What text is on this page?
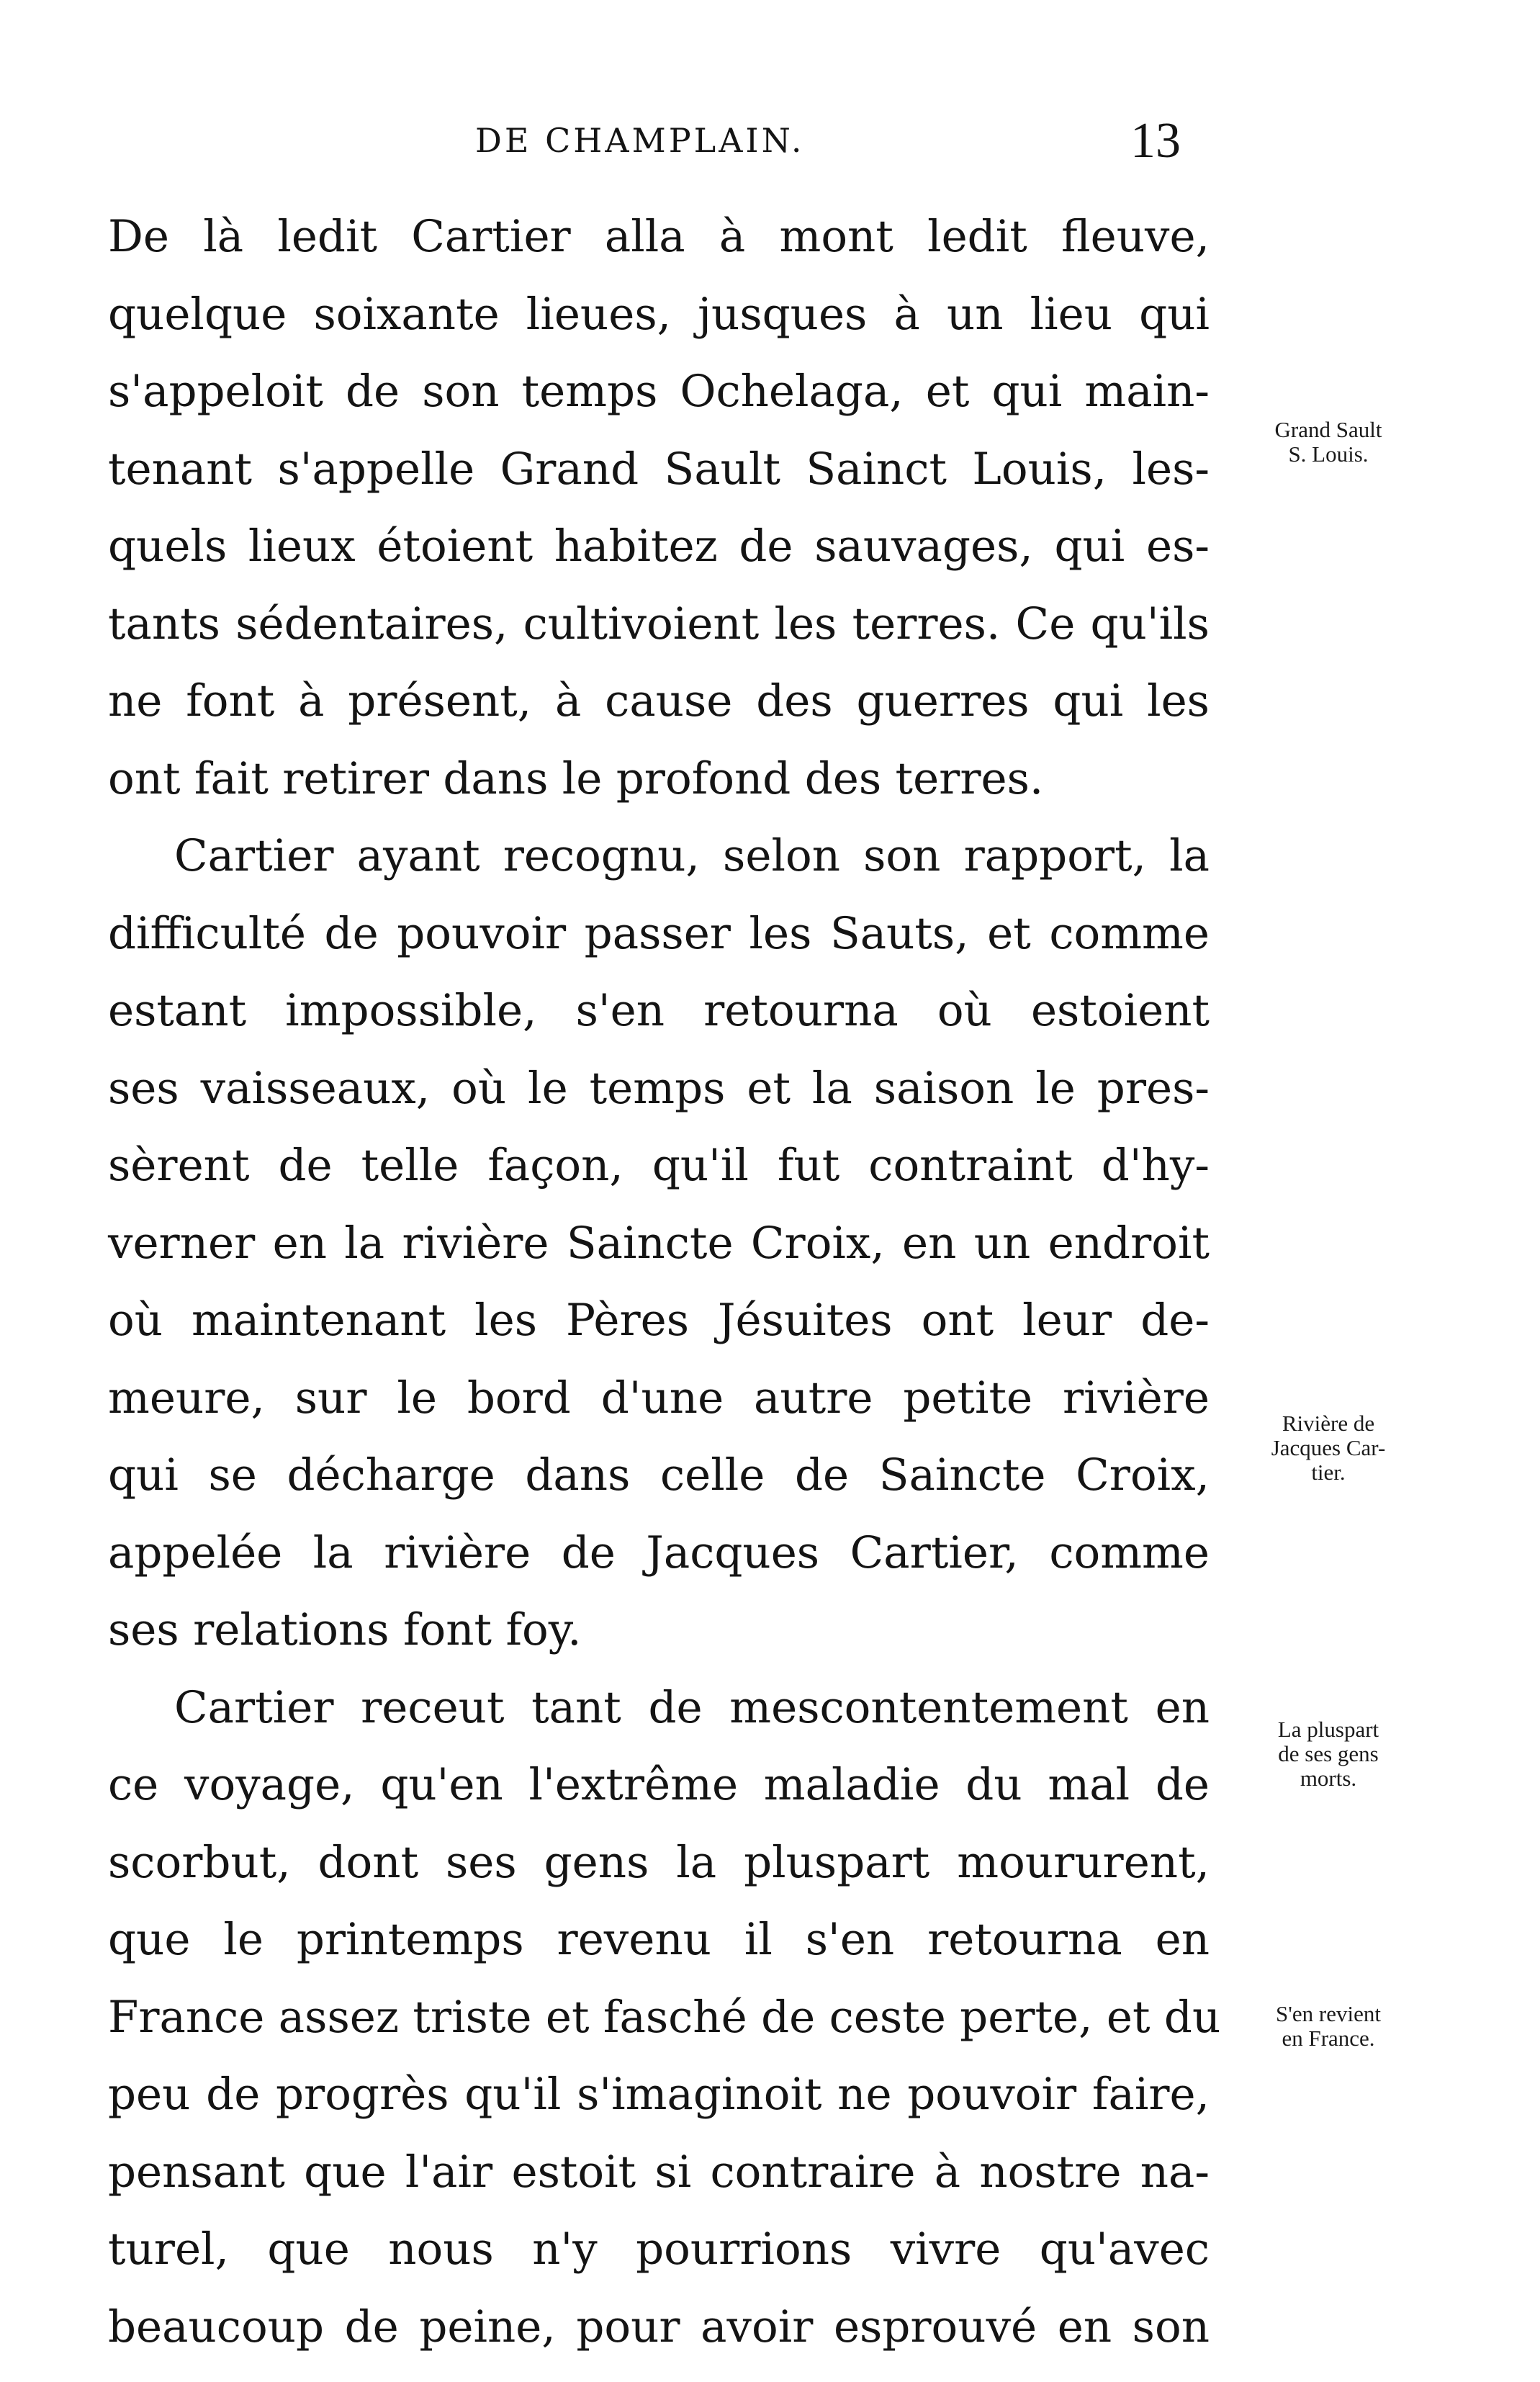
DE CHAMPLAIN.	13
De là ledit Cartier alla à mont ledit fleuve,
quelque soixante lieues, jusques à un lieu qui
s'appeloit de son temps Ochelaga, et qui main-
tenant s'appelle Grand Sault Sainct Louis, les-
quels lieux étoient habitez de sauvages, qui es-
tants sédentaires, cultivoient les terres. Ce qu'ils
ne font à présent, à cause des guerres qui les
ont fait retirer dans le profond des terres.
Cartier ayant recognu, selon son rapport, la
difficulté de pouvoir passer les Sauts, et comme
estant impossible, s'en retourna où estoient
ses vaisseaux, où le temps et la saison le pres-
sèrent de telle façon, qu'il fut contraint d'hy-
verner en la rivière Saincte Croix, en un endroit
où maintenant les Pères Jésuites ont leur de-
meure, sur le bord d'une autre petite rivière
qui se décharge dans celle de Saincte Croix,
appelée la rivière de Jacques Cartier, comme
ses relations font foy.
Cartier receut tant de mescontentement en
ce voyage, qu'en l'extrême maladie du mal de
scorbut, dont ses gens la pluspart moururent,
que le printemps revenu il s'en retourna en
France assez triste et fasché de ceste perte, et du
peu de progrès qu'il s'imaginoit ne pouvoir faire,
pensant que l'air estoit si contraire à nostre na-
turel, que nous n'y pourrions vivre qu'avec
beaucoup de peine, pour avoir esprouvé en son
Grand Sault
S. Louis.
Rivière de
Jacques Car-
tier.
La pluspart
de ses gens
morts.
S'en revient
en France.
